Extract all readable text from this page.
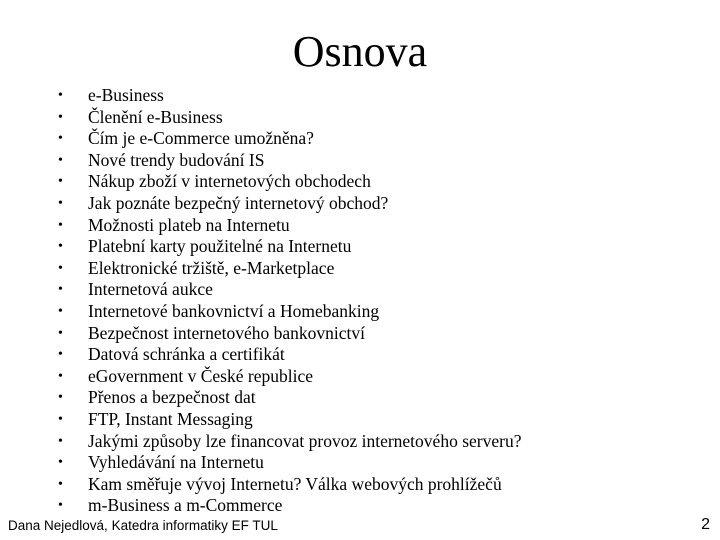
Osnova
• e-Business
• Členění e-Business
• Čím je e-Commerce umožněna?
• Nové trendy budování IS
• Nákup zboží v internetových obchodech
• Jak poznáte bezpečný internetový obchod?
• Možnosti plateb na Internetu
• Platební karty použitelné na Internetu
• Elektronické tržiště, e-Marketplace
• Internetová aukce
• Internetové bankovnictví a Homebanking
• Bezpečnost internetového bankovnictví
• Datová schránka a certifikát
• eGovernment v České republice
• Přenos a bezpečnost dat
• FTP, Instant Messaging
• Jakými způsoby lze financovat provoz internetového serveru?
• Vyhledávání na Internetu
• Kam směřuje vývoj Internetu? Válka webových prohlížečů
• m-Business a m-Commerce
Dana Nejedlová, Katedra informatiky EF TUL	2
